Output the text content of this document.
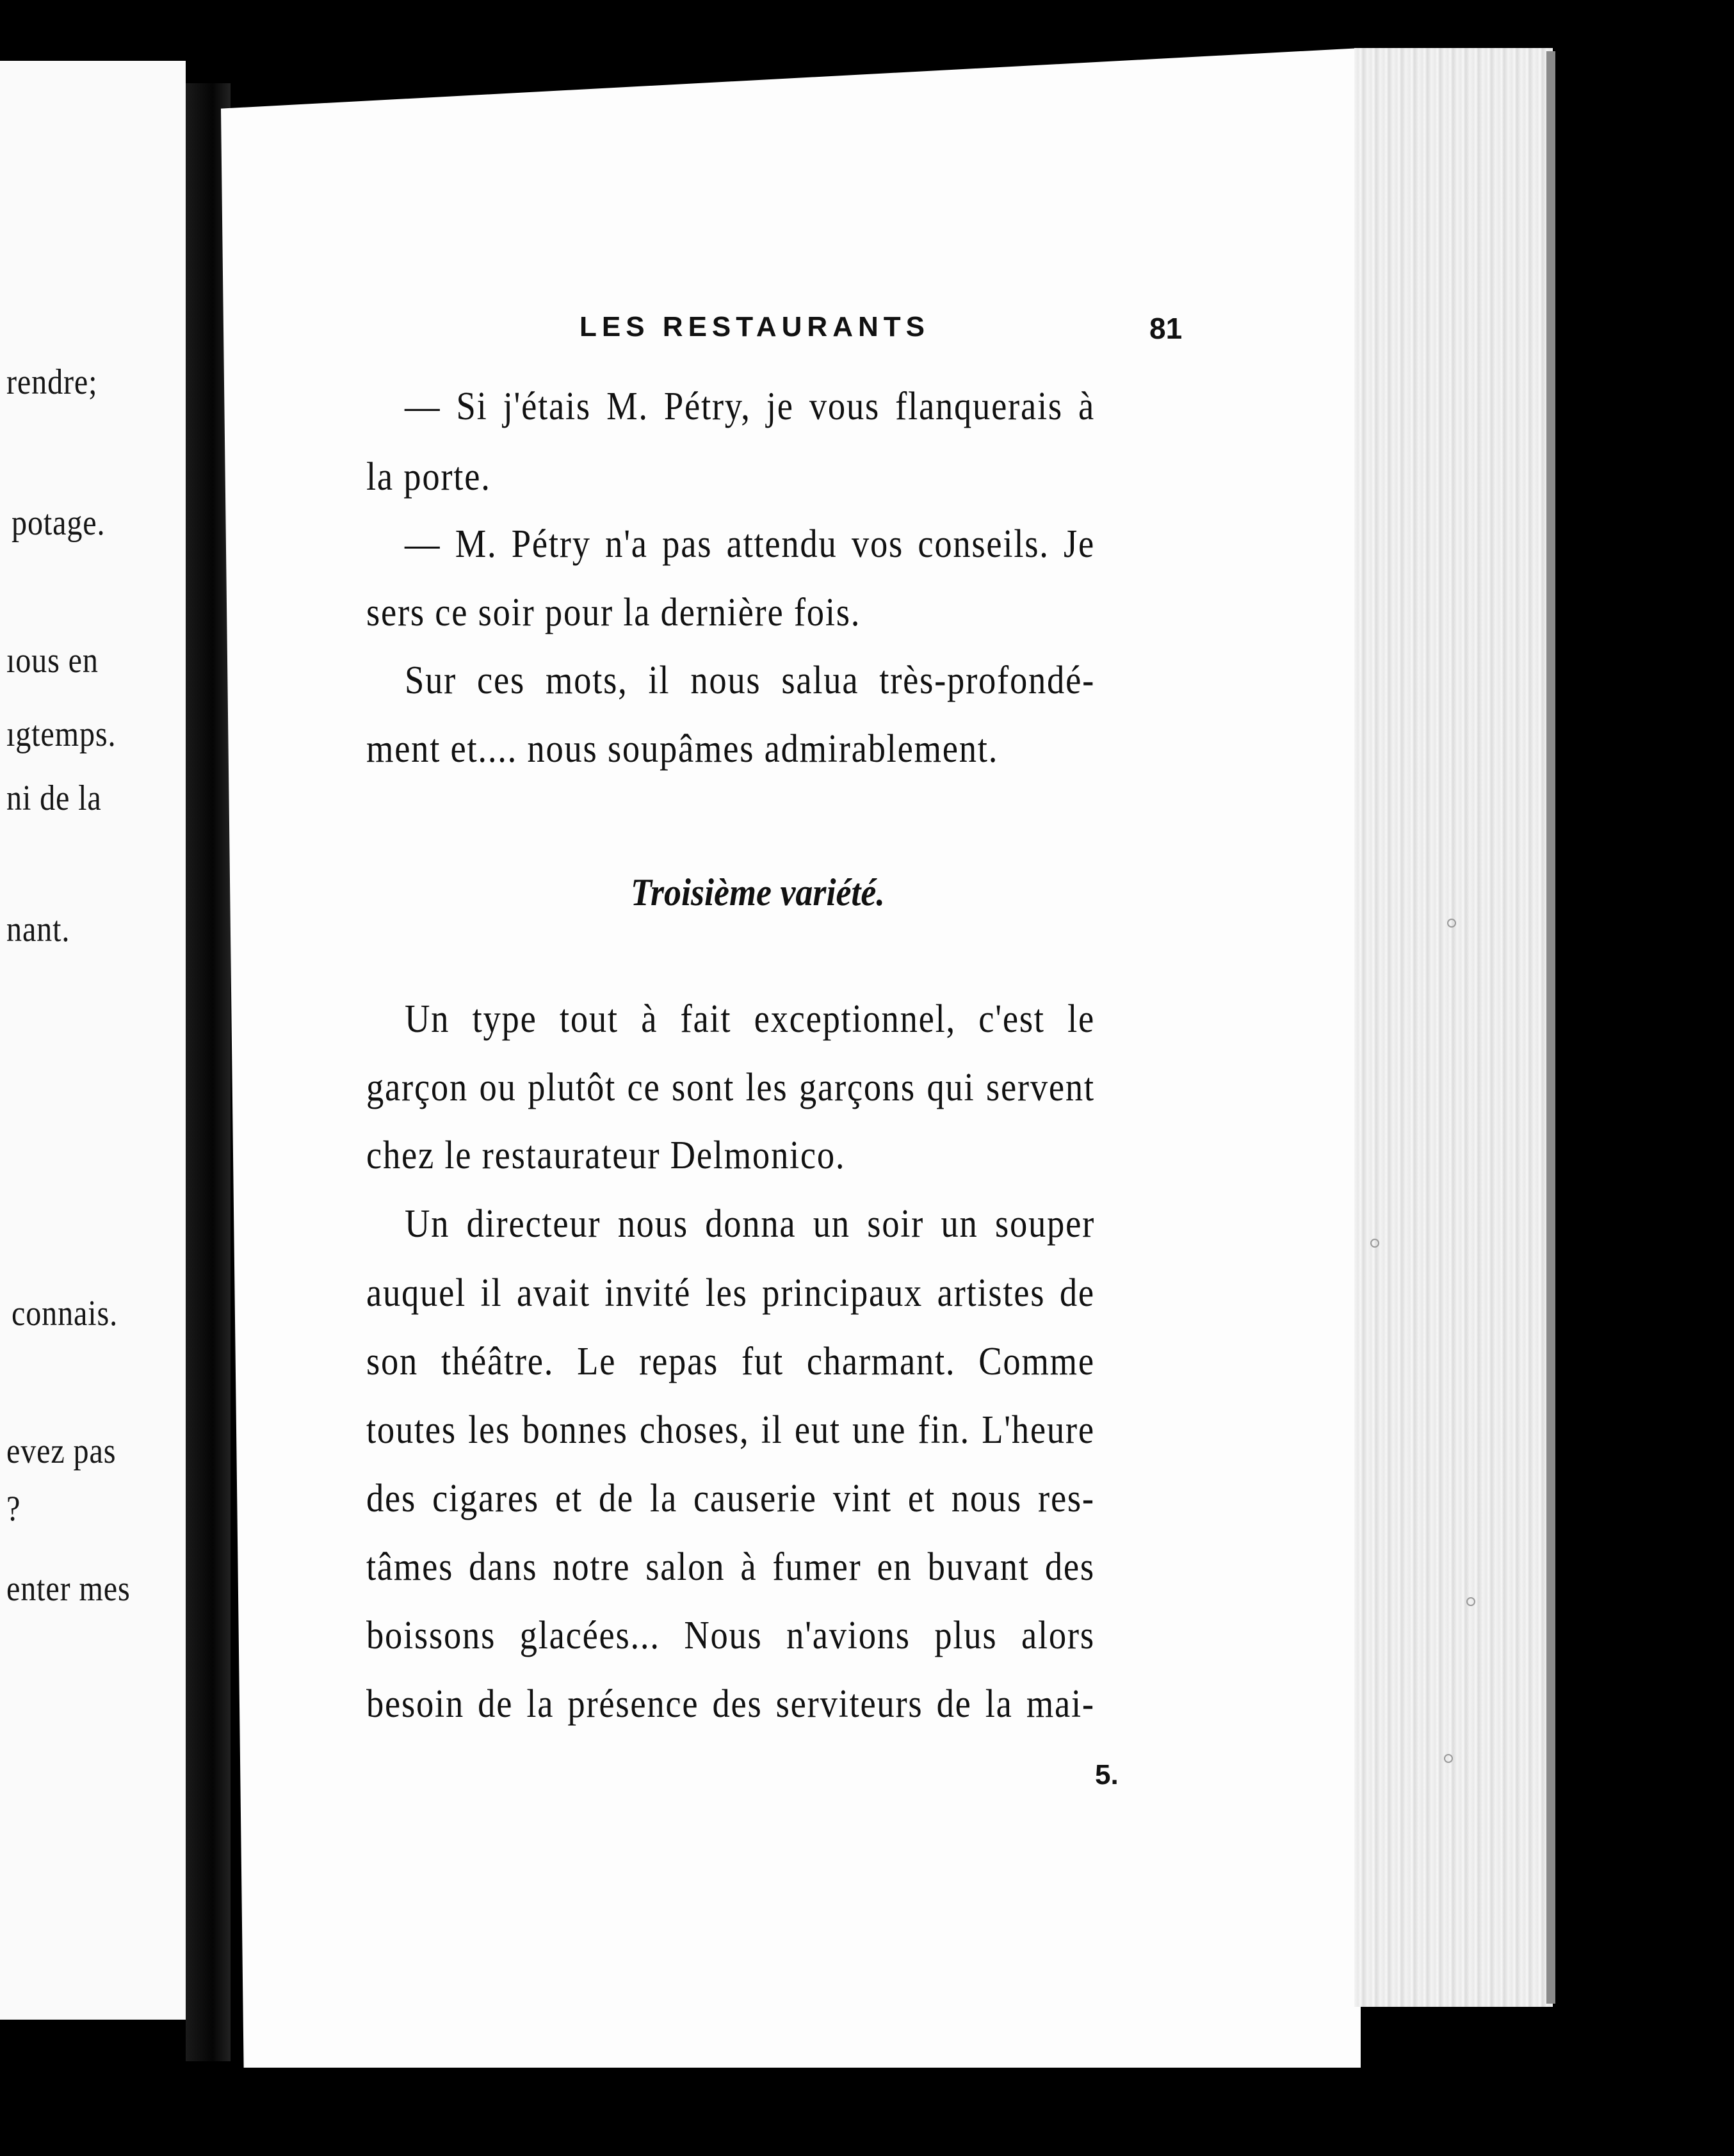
rendre;
potage.
ıous en
ıgtemps.
ni de la
nant.
connais.
evez pas
?
enter mes
LES RESTAURANTS	81
— Si j'étais M. Pétry, je vous flanquerais à
la porte.
— M. Pétry n'a pas attendu vos conseils. Je
sers ce soir pour la dernière fois.
Sur ces mots, il nous salua très-profondé-
ment et.... nous soupâmes admirablement.
Troisième variété.
Un type tout à fait exceptionnel, c'est le
garçon ou plutôt ce sont les garçons qui servent
chez le restaurateur Delmonico.
Un directeur nous donna un soir un souper
auquel il avait invité les principaux artistes de
son théâtre. Le repas fut charmant. Comme
toutes les bonnes choses, il eut une fin. L'heure
des cigares et de la causerie vint et nous res-
tâmes dans notre salon à fumer en buvant des
boissons glacées... Nous n'avions plus alors
besoin de la présence des serviteurs de la mai-
5.
